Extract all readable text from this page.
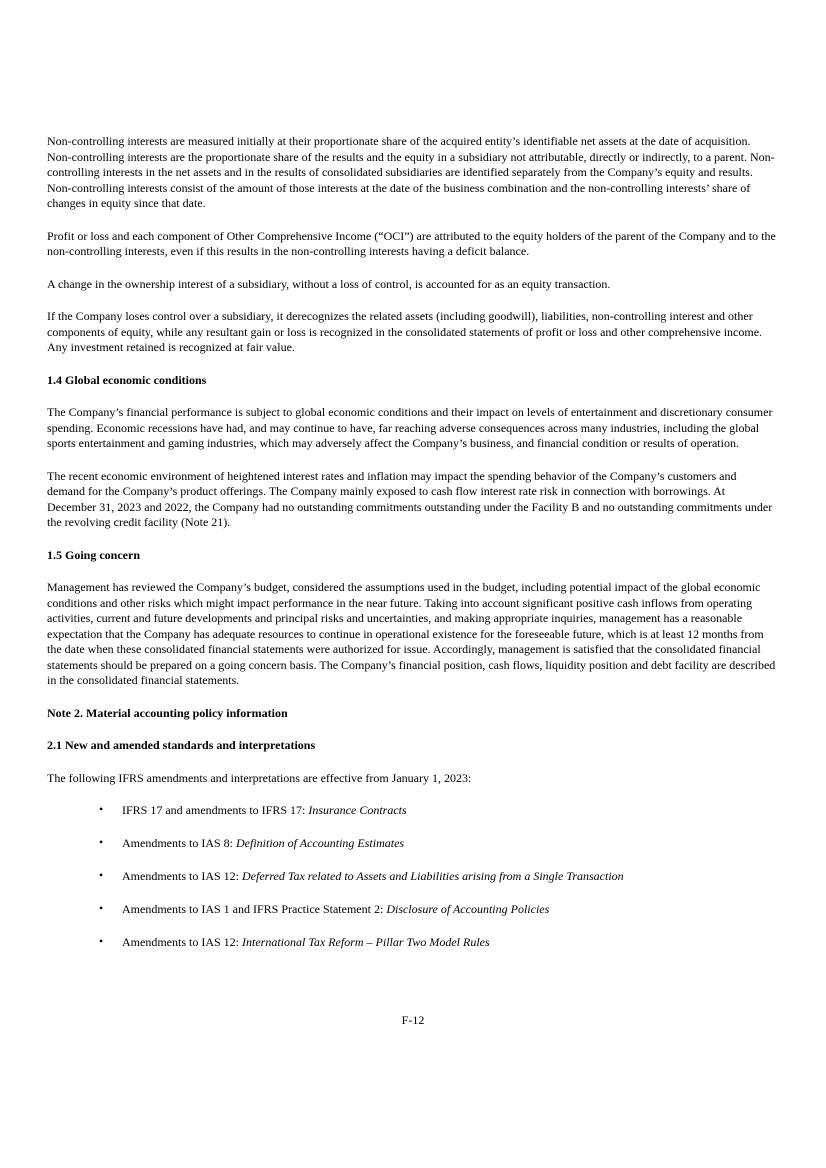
Non-controlling interests are measured initially at their proportionate share of the acquired entity’s identifiable net assets at the date of acquisition. Non-controlling interests are the proportionate share of the results and the equity in a subsidiary not attributable, directly or indirectly, to a parent. Non-controlling interests in the net assets and in the results of consolidated subsidiaries are identified separately from the Company’s equity and results. Non-controlling interests consist of the amount of those interests at the date of the business combination and the non-controlling interests’ share of changes in equity since that date.

Profit or loss and each component of Other Comprehensive Income (“OCI”) are attributed to the equity holders of the parent of the Company and to the non-controlling interests, even if this results in the non-controlling interests having a deficit balance.

A change in the ownership interest of a subsidiary, without a loss of control, is accounted for as an equity transaction.

If the Company loses control over a subsidiary, it derecognizes the related assets (including goodwill), liabilities, non-controlling interest and other components of equity, while any resultant gain or loss is recognized in the consolidated statements of profit or loss and other comprehensive income. Any investment retained is recognized at fair value.

1.4 Global economic conditions

The Company’s financial performance is subject to global economic conditions and their impact on levels of entertainment and discretionary consumer spending. Economic recessions have had, and may continue to have, far reaching adverse consequences across many industries, including the global sports entertainment and gaming industries, which may adversely affect the Company’s business, and financial condition or results of operation.

The recent economic environment of heightened interest rates and inflation may impact the spending behavior of the Company’s customers and demand for the Company’s product offerings. The Company mainly exposed to cash flow interest rate risk in connection with borrowings. At December 31, 2023 and 2022, the Company had no outstanding commitments outstanding under the Facility B and no outstanding commitments under the revolving credit facility (Note 21).

1.5 Going concern

Management has reviewed the Company’s budget, considered the assumptions used in the budget, including potential impact of the global economic conditions and other risks which might impact performance in the near future. Taking into account significant positive cash inflows from operating activities, current and future developments and principal risks and uncertainties, and making appropriate inquiries, management has a reasonable expectation that the Company has adequate resources to continue in operational existence for the foreseeable future, which is at least 12 months from the date when these consolidated financial statements were authorized for issue. Accordingly, management is satisfied that the consolidated financial statements should be prepared on a going concern basis. The Company’s financial position, cash flows, liquidity position and debt facility are described in the consolidated financial statements.

Note 2. Material accounting policy information
2.1 New and amended standards and interpretations

The following IFRS amendments and interpretations are effective from January 1, 2023:

• IFRS 17 and amendments to IFRS 17: Insurance Contracts
• Amendments to IAS 8: Definition of Accounting Estimates
• Amendments to IAS 12: Deferred Tax related to Assets and Liabilities arising from a Single Transaction
• Amendments to IAS 1 and IFRS Practice Statement 2: Disclosure of Accounting Policies
• Amendments to IAS 12: International Tax Reform – Pillar Two Model Rules
F-12
